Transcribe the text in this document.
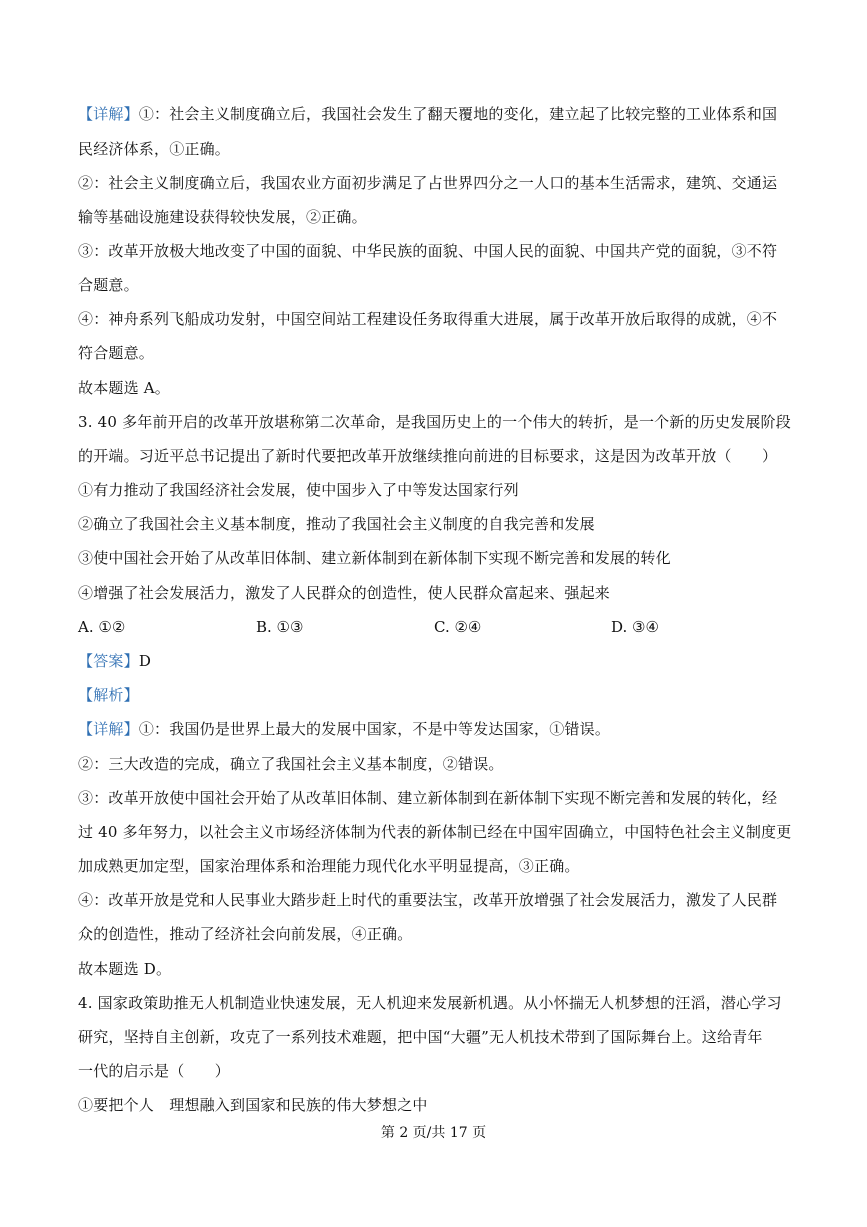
【详解】①：社会主义制度确立后，我国社会发生了翻天覆地的变化，建立起了比较完整的工业体系和国
民经济体系，①正确。
②：社会主义制度确立后，我国农业方面初步满足了占世界四分之一人口的基本生活需求，建筑、交通运
输等基础设施建设获得较快发展，②正确。
③：改革开放极大地改变了中国的面貌、中华民族的面貌、中国人民的面貌、中国共产党的面貌，③不符
合题意。
④：神舟系列飞船成功发射，中国空间站工程建设任务取得重大进展，属于改革开放后取得的成就，④不
符合题意。
故本题选 A。
3. 40 多年前开启的改革开放堪称第二次革命，是我国历史上的一个伟大的转折，是一个新的历史发展阶段
的开端。习近平总书记提出了新时代要把改革开放继续推向前进的目标要求，这是因为改革开放（　　）
①有力推动了我国经济社会发展，使中国步入了中等发达国家行列
②确立了我国社会主义基本制度，推动了我国社会主义制度的自我完善和发展
③使中国社会开始了从改革旧体制、建立新体制到在新体制下实现不断完善和发展的转化
④增强了社会发展活力，激发了人民群众的创造性，使人民群众富起来、强起来
A. ①②	B. ①③	C. ②④	D. ③④
【答案】D
【解析】
【详解】①：我国仍是世界上最大的发展中国家，不是中等发达国家，①错误。
②：三大改造的完成，确立了我国社会主义基本制度，②错误。
③：改革开放使中国社会开始了从改革旧体制、建立新体制到在新体制下实现不断完善和发展的转化，经
过 40 多年努力，以社会主义市场经济体制为代表的新体制已经在中国牢固确立，中国特色社会主义制度更
加成熟更加定型，国家治理体系和治理能力现代化水平明显提高，③正确。
④：改革开放是党和人民事业大踏步赶上时代的重要法宝，改革开放增强了社会发展活力，激发了人民群
众的创造性，推动了经济社会向前发展，④正确。
故本题选 D。
4. 国家政策助推无人机制造业快速发展，无人机迎来发展新机遇。从小怀揣无人机梦想的汪滔，潜心学习
研究，坚持自主创新，攻克了一系列技术难题，把中国“大疆”无人机技术带到了国际舞台上。这给青年
一代的启示是（　　）
①要把个人　理想融入到国家和民族的伟大梦想之中
第 2 页/共 17 页
